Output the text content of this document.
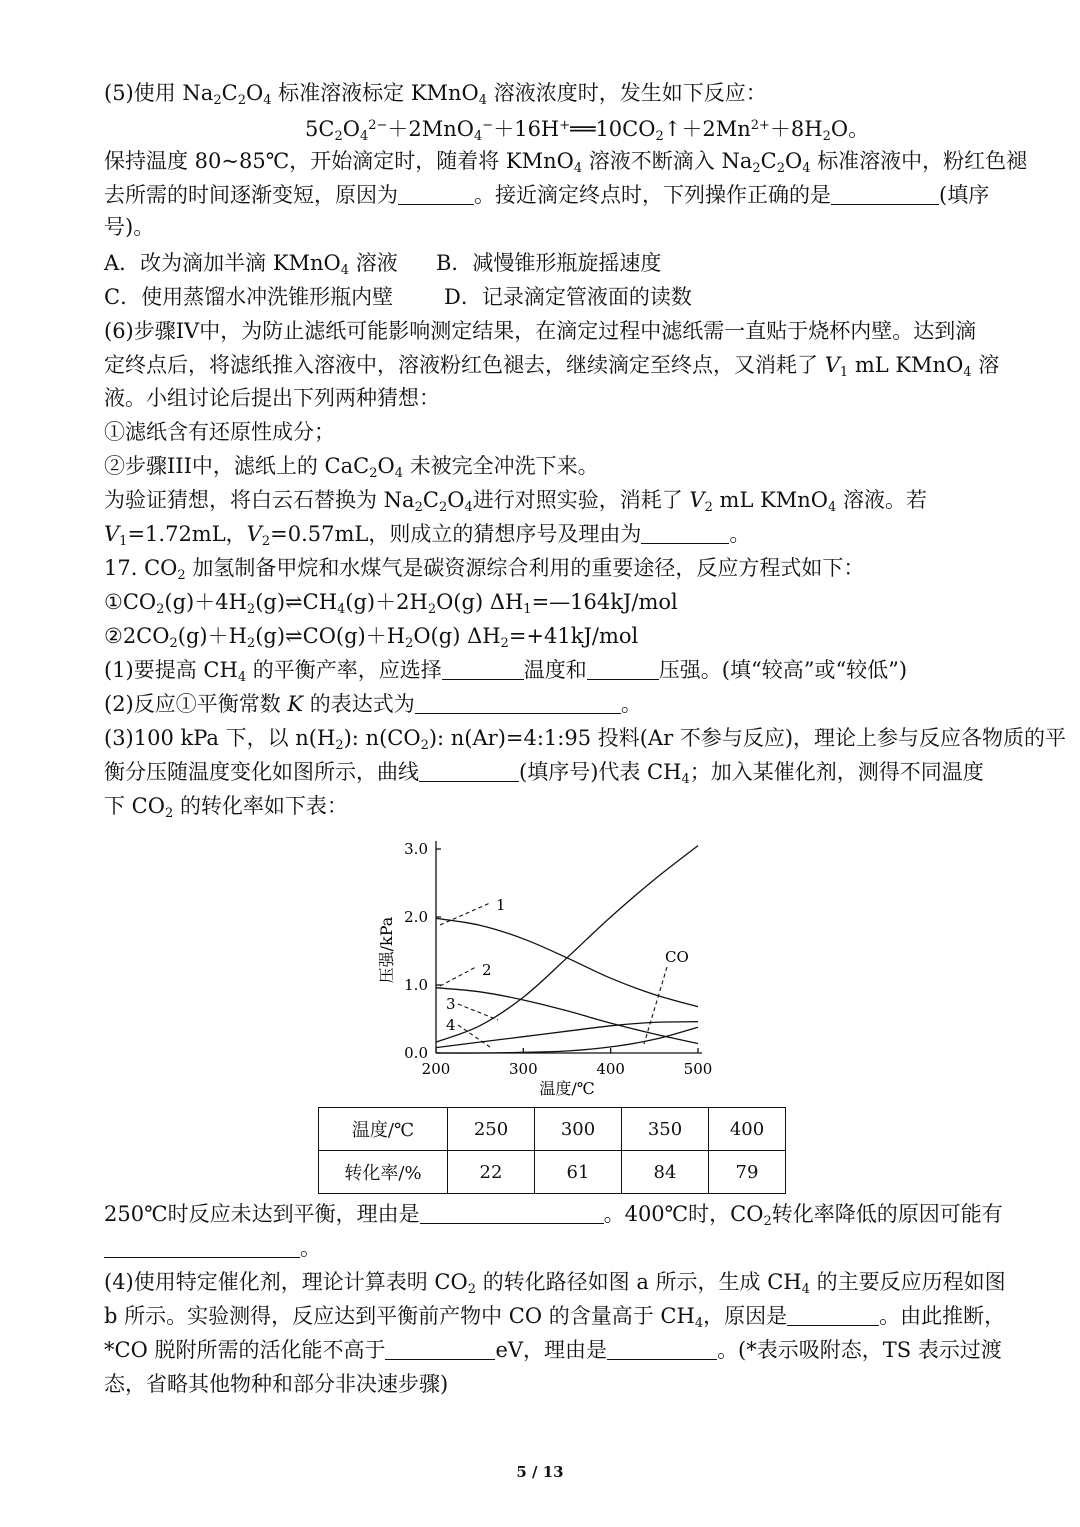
(5)使用 $Na_2C_2O_4$ 标准溶液标定 KMnO$_4$ 溶液浓度时，发生如下反应：
$5C_2O_4^{2-}+2MnO_4^-+16H^+══10CO_2↑+2Mn^{2+}+8H_2O$。
保持温度 80~85℃，开始滴定时，随着将 KMnO$_4$ 溶液不断滴入 $Na_2C_2O_4$ 标准溶液中，粉红色褪
去所需的时间逐渐变短，原因为	。接近滴定终点时，下列操作正确的是	(填序
号)。
A．改为滴加半滴 KMnO$_4$ 溶液 B．减慢锥形瓶旋摇速度
C．使用蒸馏水冲洗锥形瓶内壁 D．记录滴定管液面的读数
(6)步骤IV中，为防止滤纸可能影响测定结果，在滴定过程中滤纸需一直贴于烧杯内壁。达到滴
定终点后，将滤纸推入溶液中，溶液粉红色褪去，继续滴定至终点，又消耗了 $V_1$ mL KMnO$_4$ 溶
液。小组讨论后提出下列两种猜想：
①滤纸含有还原性成分；
②步骤III中，滤纸上的 $CaC_2O_4$ 未被完全冲洗下来。
为验证猜想，将白云石替换为 $Na_2C_2O_4$进行对照实验，消耗了 $V_2$ mL KMnO$_4$ 溶液。若
$V_1=1.72mL$，$V_2=0.57mL$，则成立的猜想序号及理由为	。
17. $CO_2$ 加氢制备甲烷和水煤气是碳资源综合利用的重要途径，反应方程式如下：
$①CO_2(g)+4H_2(g)\rightleftharpoons CH_4(g)+2H_2O(g)$ $\Delta H_1=—164kJ$/mol
$②2CO_2(g)+H_2(g)\rightleftharpoons CO(g)+H_2O(g)$ $\Delta H_2=+41kJ$/mol
(1)要提高 $CH_4$ 的平衡产率，应选择	温度和	压强。(填“较高”或“较低”)
(2)反应①平衡常数 K 的表达式为	。
(3)100 kPa 下，以 $n(H_2)$: $n(CO_2)$: n(Ar)=4:1:95 投料(Ar 不参与反应)，理论上参与反应各物质的平
衡分压随温度变化如图所示，曲线	(填序号)代表 $CH_4$；加入某催化剂，测得不同温度
下 $CO_2$ 的转化率如下表：
200	300	400	500
0.0
1.0
2.0
3.0
1
2
3
4
CO
压强/kPa
温度/℃
温度/℃	250	300	350	400
转化率/%	22	61	84	79
250℃时反应未达到平衡，理由是	。400℃时，$CO_2$转化率降低的原因可能有
。
(4)使用特定催化剂，理论计算表明 $CO_2$ 的转化路径如图 a 所示，生成 $CH_4$ 的主要反应历程如图
b 所示。实验测得，反应达到平衡前产物中 CO 的含量高于 $CH_4$，原因是	。由此推断，
*CO 脱附所需的活化能不高于	eV，理由是	。(*表示吸附态，TS 表示过渡
态，省略其他物种和部分非决速步骤)
5 / 13
